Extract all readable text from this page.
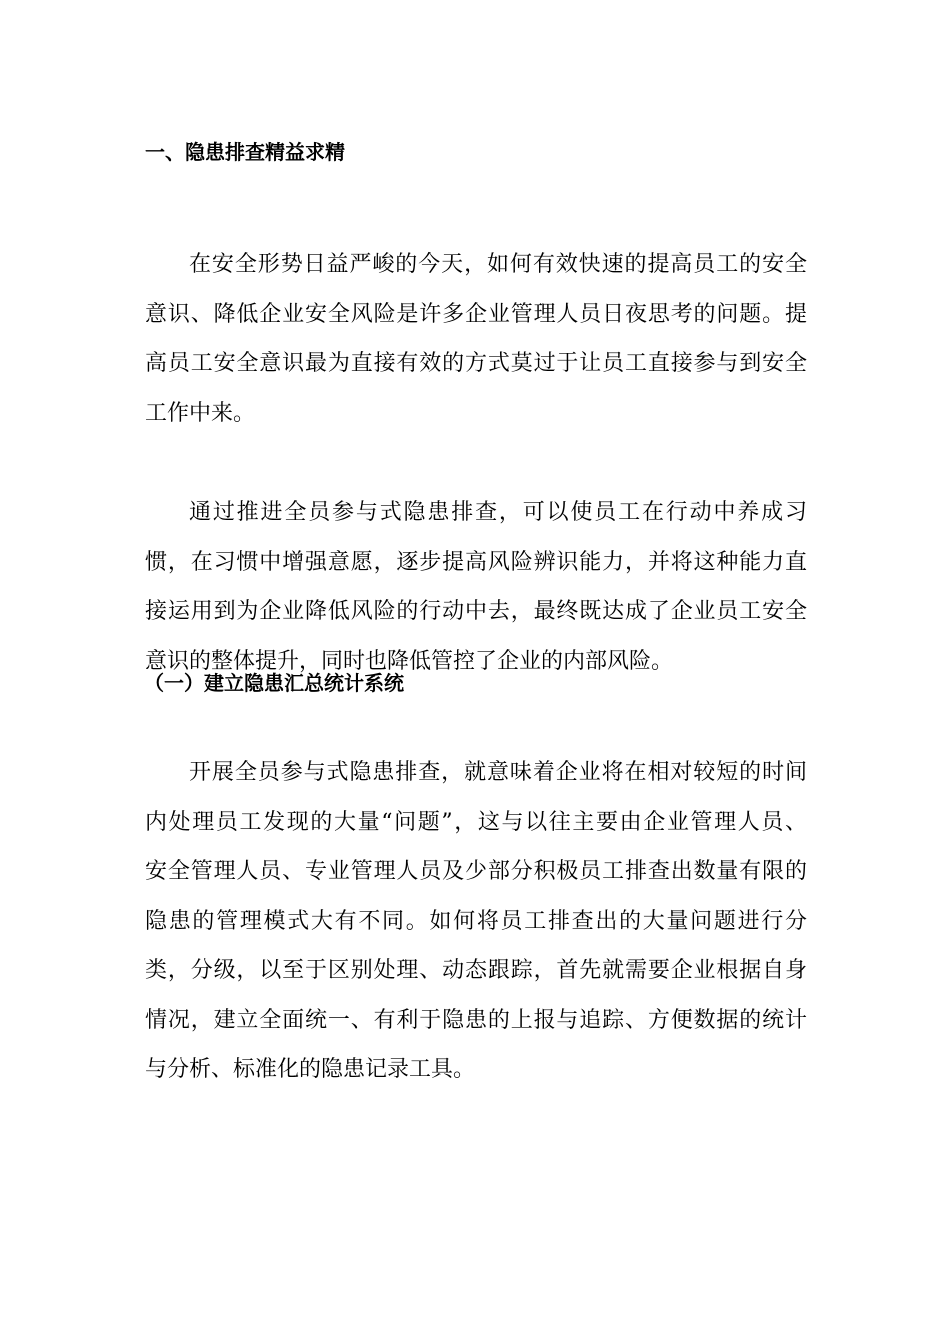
一、隐患排查精益求精

在安全形势日益严峻的今天，如何有效快速的提高员工的安全
意识、降低企业安全风险是许多企业管理人员日夜思考的问题。提
高员工安全意识最为直接有效的方式莫过于让员工直接参与到安全
工作中来。

通过推进全员参与式隐患排查，可以使员工在行动中养成习
惯，在习惯中增强意愿，逐步提高风险辨识能力，并将这种能力直
接运用到为企业降低风险的行动中去，最终既达成了企业员工安全
意识的整体提升，同时也降低管控了企业的内部风险。

（一）建立隐患汇总统计系统

开展全员参与式隐患排查，就意味着企业将在相对较短的时间
内处理员工发现的大量“问题”，这与以往主要由企业管理人员、
安全管理人员、专业管理人员及少部分积极员工排查出数量有限的
隐患的管理模式大有不同。如何将员工排查出的大量问题进行分
类，分级，以至于区别处理、动态跟踪，首先就需要企业根据自身
情况，建立全面统一、有利于隐患的上报与追踪、方便数据的统计
与分析、标准化的隐患记录工具。
